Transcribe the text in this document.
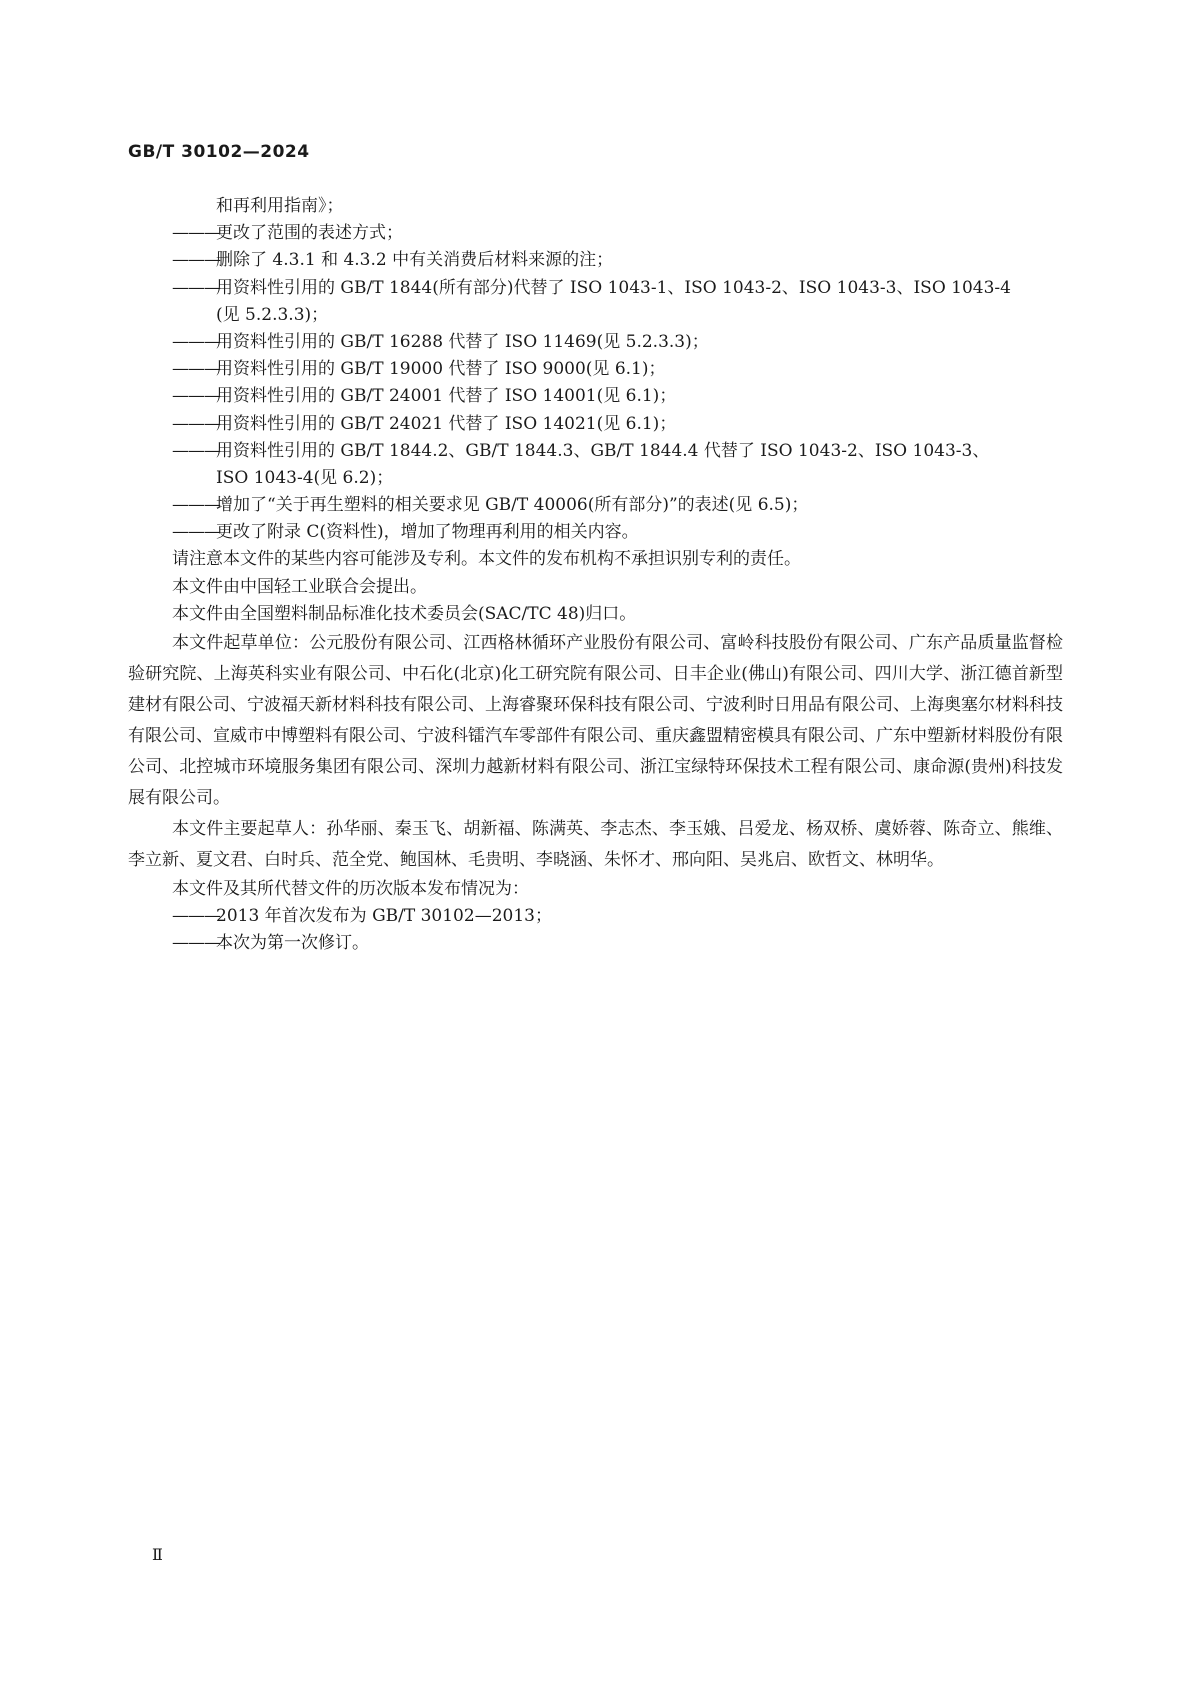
GB/T 30102—2024
和再利用指南》；
———更改了范围的表述方式；
———删除了 4.3.1 和 4.3.2 中有关消费后材料来源的注；
———用资料性引用的 GB/T 1844(所有部分)代替了 ISO 1043-1、ISO 1043-2、ISO 1043-3、ISO 1043-4
(见 5.2.3.3)；
———用资料性引用的 GB/T 16288 代替了 ISO 11469(见 5.2.3.3)；
———用资料性引用的 GB/T 19000 代替了 ISO 9000(见 6.1)；
———用资料性引用的 GB/T 24001 代替了 ISO 14001(见 6.1)；
———用资料性引用的 GB/T 24021 代替了 ISO 14021(见 6.1)；
———用资料性引用的 GB/T 1844.2、GB/T 1844.3、GB/T 1844.4 代替了 ISO 1043-2、ISO 1043-3、
ISO 1043-4(见 6.2)；
———增加了“关于再生塑料的相关要求见 GB/T 40006(所有部分)”的表述(见 6.5)；
———更改了附录 C(资料性)，增加了物理再利用的相关内容。
请注意本文件的某些内容可能涉及专利。本文件的发布机构不承担识别专利的责任。
本文件由中国轻工业联合会提出。
本文件由全国塑料制品标准化技术委员会(SAC/TC 48)归口。
本文件起草单位：公元股份有限公司、江西格林循环产业股份有限公司、富岭科技股份有限公司、广东产品质量监督检验研究院、上海英科实业有限公司、中石化(北京)化工研究院有限公司、日丰企业(佛山)有限公司、四川大学、浙江德首新型建材有限公司、宁波福天新材料科技有限公司、上海睿聚环保科技有限公司、宁波利时日用品有限公司、上海奥塞尔材料科技有限公司、宣威市中博塑料有限公司、宁波科镭汽车零部件有限公司、重庆鑫盟精密模具有限公司、广东中塑新材料股份有限公司、北控城市环境服务集团有限公司、深圳力越新材料有限公司、浙江宝绿特环保技术工程有限公司、康命源(贵州)科技发展有限公司。
本文件主要起草人：孙华丽、秦玉飞、胡新福、陈满英、李志杰、李玉娥、吕爱龙、杨双桥、虞娇蓉、陈奇立、熊维、李立新、夏文君、白时兵、范全党、鲍国林、毛贵明、李晓涵、朱怀才、邢向阳、吴兆启、欧哲文、林明华。
本文件及其所代替文件的历次版本发布情况为：
———2013 年首次发布为 GB/T 30102—2013；
———本次为第一次修订。
Ⅱ
